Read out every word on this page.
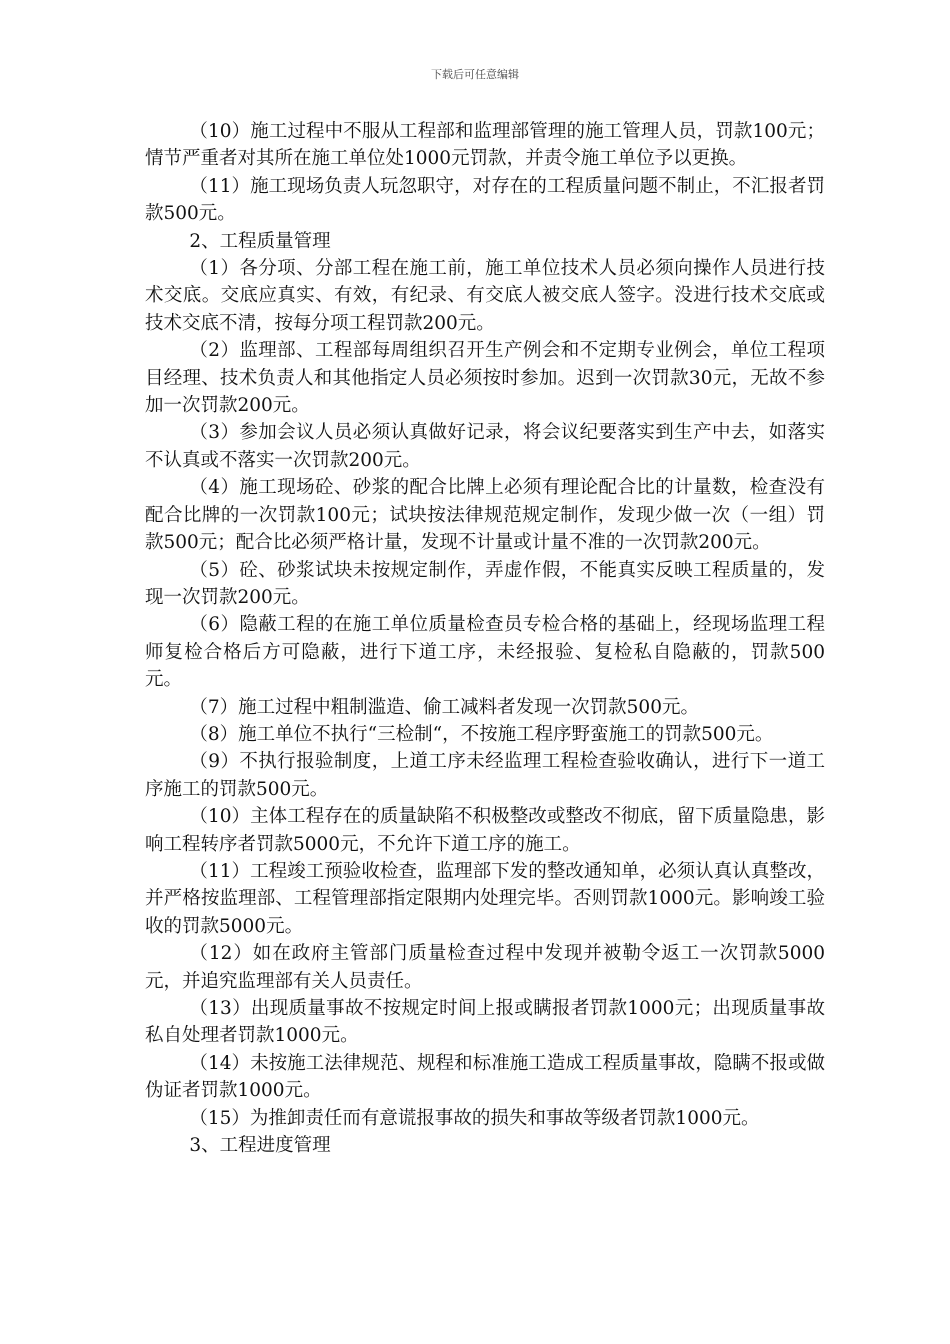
下载后可任意编辑

（10）施工过程中不服从工程部和监理部管理的施工管理人员，罚款100元；情节严重者对其所在施工单位处1000元罚款，并责令施工单位予以更换。

（11）施工现场负责人玩忽职守，对存在的工程质量问题不制止，不汇报者罚款500元。

2、工程质量管理

（1）各分项、分部工程在施工前，施工单位技术人员必须向操作人员进行技术交底。交底应真实、有效，有纪录、有交底人被交底人签字。没进行技术交底或技术交底不清，按每分项工程罚款200元。

（2）监理部、工程部每周组织召开生产例会和不定期专业例会，单位工程项目经理、技术负责人和其他指定人员必须按时参加。迟到一次罚款30元，无故不参加一次罚款200元。

（3）参加会议人员必须认真做好记录，将会议纪要落实到生产中去，如落实不认真或不落实一次罚款200元。

（4）施工现场砼、砂浆的配合比牌上必须有理论配合比的计量数，检查没有配合比牌的一次罚款100元；试块按法律规范规定制作，发现少做一次（一组）罚款500元；配合比必须严格计量，发现不计量或计量不准的一次罚款200元。

（5）砼、砂浆试块未按规定制作，弄虚作假，不能真实反映工程质量的，发现一次罚款200元。

（6）隐蔽工程的在施工单位质量检查员专检合格的基础上，经现场监理工程师复检合格后方可隐蔽，进行下道工序，未经报验、复检私自隐蔽的，罚款500元。

（7）施工过程中粗制滥造、偷工减料者发现一次罚款500元。

（8）施工单位不执行“三检制“，不按施工程序野蛮施工的罚款500元。

（9）不执行报验制度，上道工序未经监理工程检查验收确认，进行下一道工序施工的罚款500元。

（10）主体工程存在的质量缺陷不积极整改或整改不彻底，留下质量隐患，影响工程转序者罚款5000元，不允许下道工序的施工。

（11）工程竣工预验收检查，监理部下发的整改通知单，必须认真认真整改，并严格按监理部、工程管理部指定限期内处理完毕。否则罚款1000元。影响竣工验收的罚款5000元。

（12）如在政府主管部门质量检查过程中发现并被勒令返工一次罚款5000元，并追究监理部有关人员责任。

（13）出现质量事故不按规定时间上报或瞒报者罚款1000元；出现质量事故私自处理者罚款1000元。

（14）未按施工法律规范、规程和标准施工造成工程质量事故，隐瞒不报或做伪证者罚款1000元。

（15）为推卸责任而有意谎报事故的损失和事故等级者罚款1000元。

3、工程进度管理
